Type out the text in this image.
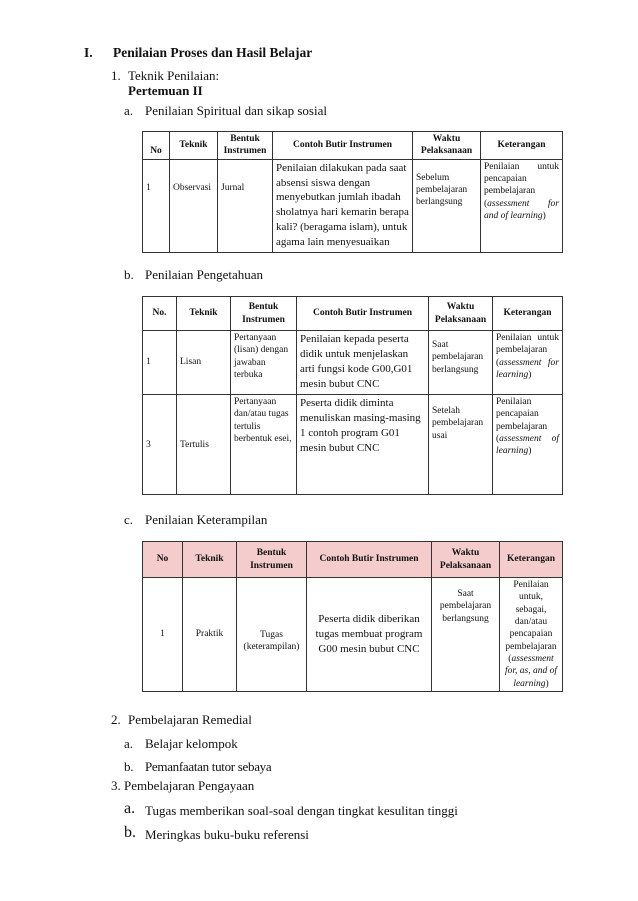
I. Penilaian Proses dan Hasil Belajar
1. Teknik Penilaian:
Pertemuan II
a. Penilaian Spiritual dan sikap sosial
No	Teknik	Bentuk Instrumen	Contoh Butir Instrumen	Waktu Pelaksanaan	Keterangan
1	Observasi	Jurnal	Penilaian dilakukan pada saat absensi siswa dengan menyebutkan jumlah ibadah sholatnya hari kemarin berapa kali? (beragama islam), untuk agama lain menyesuaikan	Sebelum pembelajaran berlangsung	Penilaian untuk pencapaian pembelajaran (assessment for and of learning)
b. Penilaian Pengetahuan
No.	Teknik	Bentuk Instrumen	Contoh Butir Instrumen	Waktu Pelaksanaan	Keterangan
1	Lisan	Pertanyaan (lisan) dengan jawaban terbuka	Penilaian kepada peserta didik untuk menjelaskan arti fungsi kode G00,G01 mesin bubut CNC	Saat pembelajaran berlangsung	Penilaian untuk pembelajaran (assessment for learning)
3	Tertulis	Pertanyaan dan/atau tugas tertulis berbentuk esei,	Peserta didik diminta menuliskan masing-masing 1 contoh program G01 mesin bubut CNC	Setelah pembelajaran usai	Penilaian pencapaian pembelajaran (assessment of learning)
c. Penilaian Keterampilan
No	Teknik	Bentuk Instrumen	Contoh Butir Instrumen	Waktu Pelaksanaan	Keterangan
1	Praktik	Tugas (keterampilan)	Peserta didik diberikan tugas membuat program G00 mesin bubut CNC	Saat pembelajaran berlangsung	Penilaian untuk, sebagai, dan/atau pencapaian pembelajaran (assessment for, as, and of learning)
2. Pembelajaran Remedial
a. Belajar kelompok
b. Pemanfaatan tutor sebaya
3. Pembelajaran Pengayaan
a. Tugas memberikan soal-soal dengan tingkat kesulitan tinggi
b. Meringkas buku-buku referensi
